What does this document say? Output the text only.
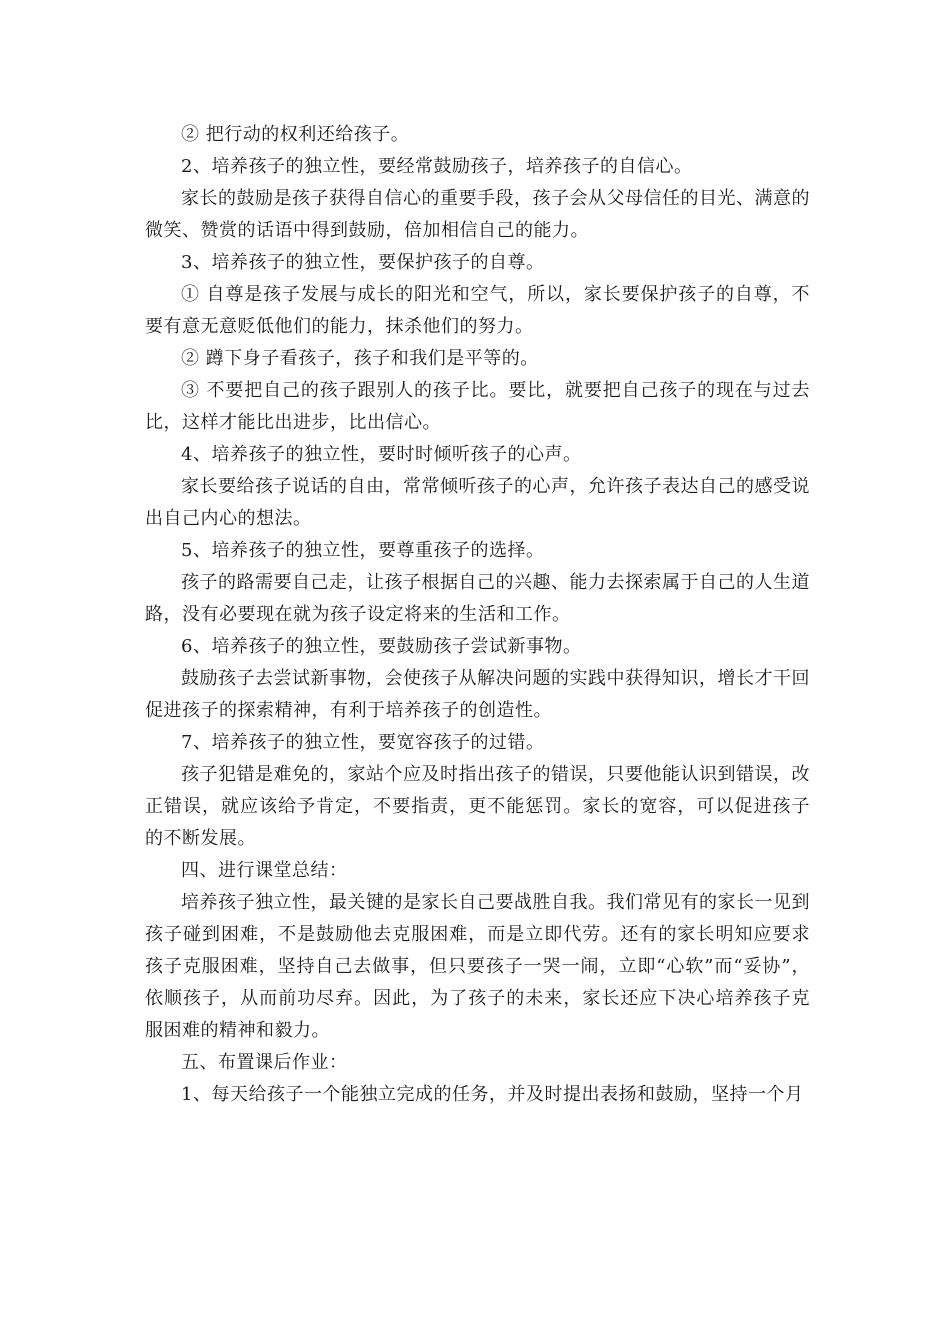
② 把行动的权利还给孩子。

2、培养孩子的独立性，要经常鼓励孩子，培养孩子的自信心。

家长的鼓励是孩子获得自信心的重要手段，孩子会从父母信任的目光、满意的微笑、赞赏的话语中得到鼓励，倍加相信自己的能力。

3、培养孩子的独立性，要保护孩子的自尊。

① 自尊是孩子发展与成长的阳光和空气，所以，家长要保护孩子的自尊，不要有意无意贬低他们的能力，抹杀他们的努力。

② 蹲下身子看孩子，孩子和我们是平等的。

③ 不要把自己的孩子跟别人的孩子比。要比，就要把自己孩子的现在与过去比，这样才能比出进步，比出信心。

4、培养孩子的独立性，要时时倾听孩子的心声。

家长要给孩子说话的自由，常常倾听孩子的心声，允许孩子表达自己的感受说出自己内心的想法。

5、培养孩子的独立性，要尊重孩子的选择。

孩子的路需要自己走，让孩子根据自己的兴趣、能力去探索属于自己的人生道路，没有必要现在就为孩子设定将来的生活和工作。

6、培养孩子的独立性，要鼓励孩子尝试新事物。

鼓励孩子去尝试新事物，会使孩子从解决问题的实践中获得知识，增长才干回促进孩子的探索精神，有利于培养孩子的创造性。

7、培养孩子的独立性，要宽容孩子的过错。

孩子犯错是难免的，家站个应及时指出孩子的错误，只要他能认识到错误，改正错误，就应该给予肯定，不要指责，更不能惩罚。家长的宽容，可以促进孩子的不断发展。

四、进行课堂总结：

培养孩子独立性，最关键的是家长自己要战胜自我。我们常见有的家长一见到孩子碰到困难，不是鼓励他去克服困难，而是立即代劳。还有的家长明知应要求孩子克服困难，坚持自己去做事，但只要孩子一哭一闹，立即“心软”而“妥协”，依顺孩子，从而前功尽弃。因此，为了孩子的未来，家长还应下决心培养孩子克服困难的精神和毅力。

五、布置课后作业：

1、每天给孩子一个能独立完成的任务，并及时提出表扬和鼓励，坚持一个月
